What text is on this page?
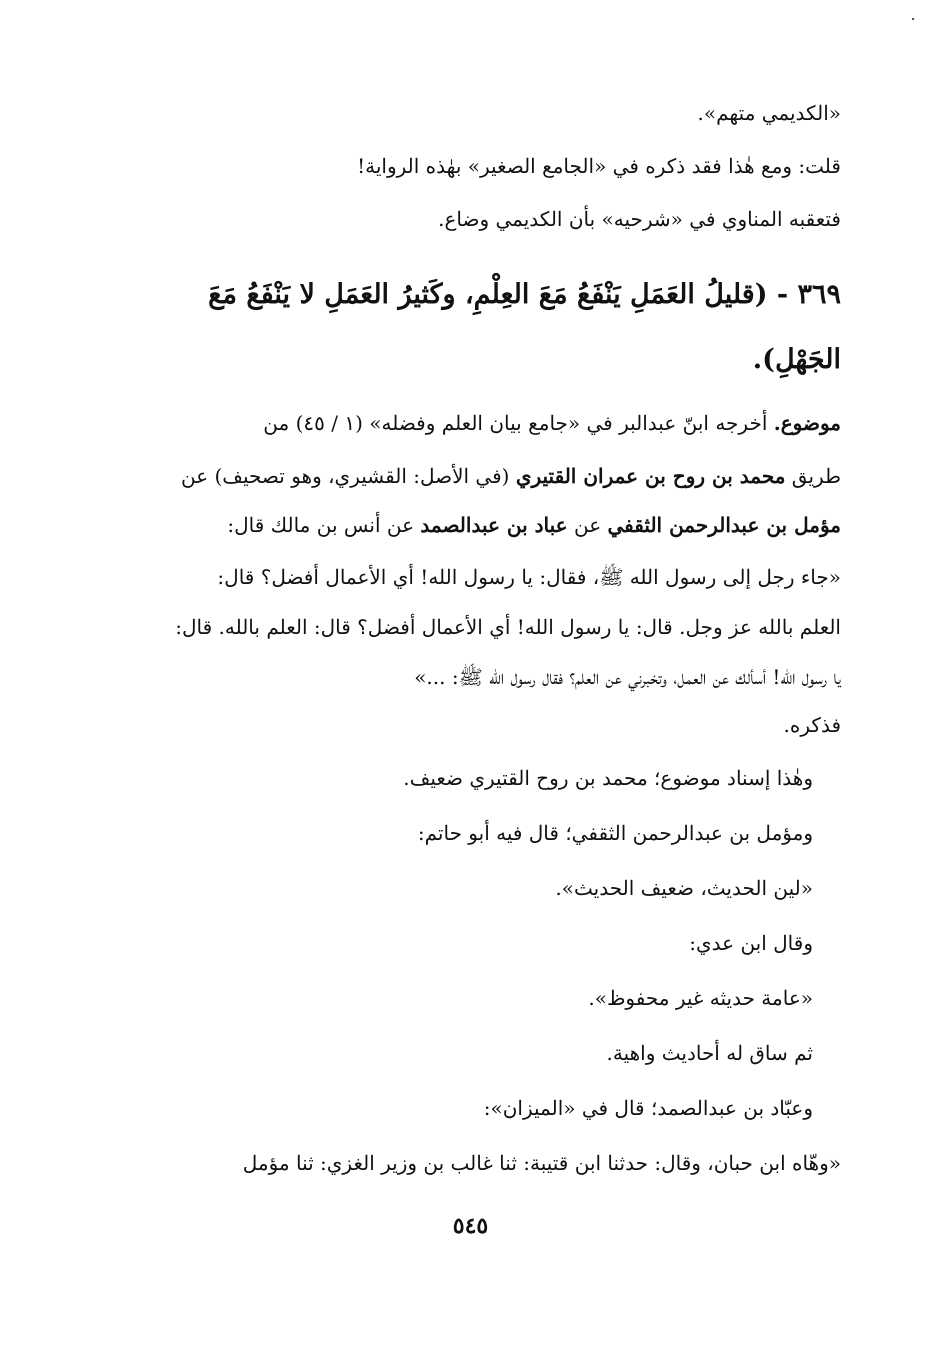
«الكديمي متهم».
قلت: ومع هٰذا فقد ذكره في «الجامع الصغير» بهٰذه الرواية!
فتعقبه المناوي في «شرحيه» بأن الكديمي وضاع.
٣٦٩ - (قليلُ العَمَلِ يَنْفَعُ مَعَ العِلْمِ، وكَثيرُ العَمَلِ لا يَنْفَعُ مَعَ
الجَهْلِ).
موضوع. أخرجه ابنّ عبدالبر في «جامع بيان العلم وفضله» (١ / ٤٥) من
طريق محمد بن روح بن عمران القتيري (في الأصل: القشيري، وهو تصحيف) عن
مؤمل بن عبدالرحمن الثقفي عن عباد بن عبدالصمد عن أنس بن مالك قال:
«جاء رجل إلى رسول الله ﷺ، فقال: يا رسول الله! أي الأعمال أفضل؟ قال:
العلم بالله عز وجل. قال: يا رسول الله! أي الأعمال أفضل؟ قال: العلم بالله. قال:
يا رسول الله! أسألك عن العمل، وتخبرني عن العلم؟ فقال رسول الله ﷺ: ...»
فذكره.
وهٰذا إسناد موضوع؛ محمد بن روح القتيري ضعيف.
ومؤمل بن عبدالرحمن الثقفي؛ قال فيه أبو حاتم:
«لين الحديث، ضعيف الحديث».
وقال ابن عدي:
«عامة حديثه غير محفوظ».
ثم ساق له أحاديث واهية.
وعبّاد بن عبدالصمد؛ قال في «الميزان»:
«وهّاه ابن حبان، وقال: حدثنا ابن قتيبة: ثنا غالب بن وزير الغزي: ثنا مؤمل
٥٤٥
